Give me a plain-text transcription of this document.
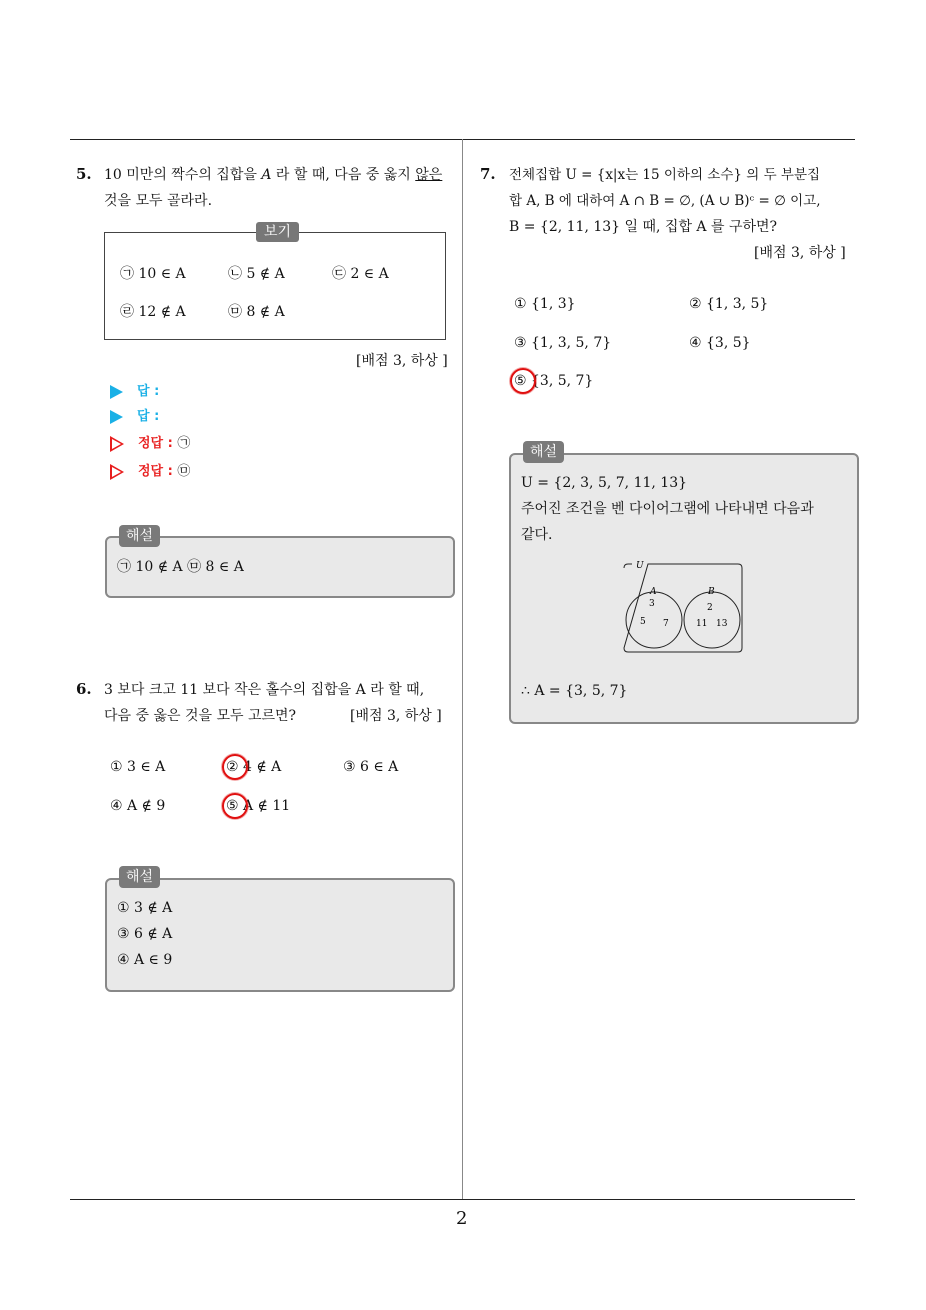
2
5. 10 미만의 짝수의 집합을 A 라 할 때, 다음 중 옳지 않은
것을 모두 골라라.
보기
㉠ 10 ∈ A	㉡ 5 ∉ A	㉢ 2 ∈ A
㉣ 12 ∉ A	㉤ 8 ∉ A
[배점 3, 하상 ]
답 :
답 :
정답 : ㉠
정답 : ㉤
해설
㉠ 10 ∉ A ㉤ 8 ∈ A
6. 3 보다 크고 11 보다 작은 홀수의 집합을 A 라 할 때,
다음 중 옳은 것을 모두 고르면?	[배점 3, 하상 ]
① 3 ∈ A	② 4 ∉ A	③ 6 ∈ A
④ A ∉ 9	⑤ A ∉ 11
해설
① 3 ∉ A
③ 6 ∉ A
④ A ∈ 9
7. 전체집합 U = {x|x는 15 이하의 소수} 의 두 부분집
합 A, B 에 대하여 A ∩ B = ∅, (A ∪ B)ᶜ = ∅ 이고,
B = {2, 11, 13} 일 때, 집합 A 를 구하면?
[배점 3, 하상 ]
① {1, 3}	② {1, 3, 5}
③ {1, 3, 5, 7}	④ {3, 5}
⑤ {3, 5, 7}
해설
U = {2, 3, 5, 7, 11, 13}
주어진 조건을 벤 다이어그램에 나타내면 다음과
같다.
U
A	B
3
5 7
2
11 13
∴ A = {3, 5, 7}
